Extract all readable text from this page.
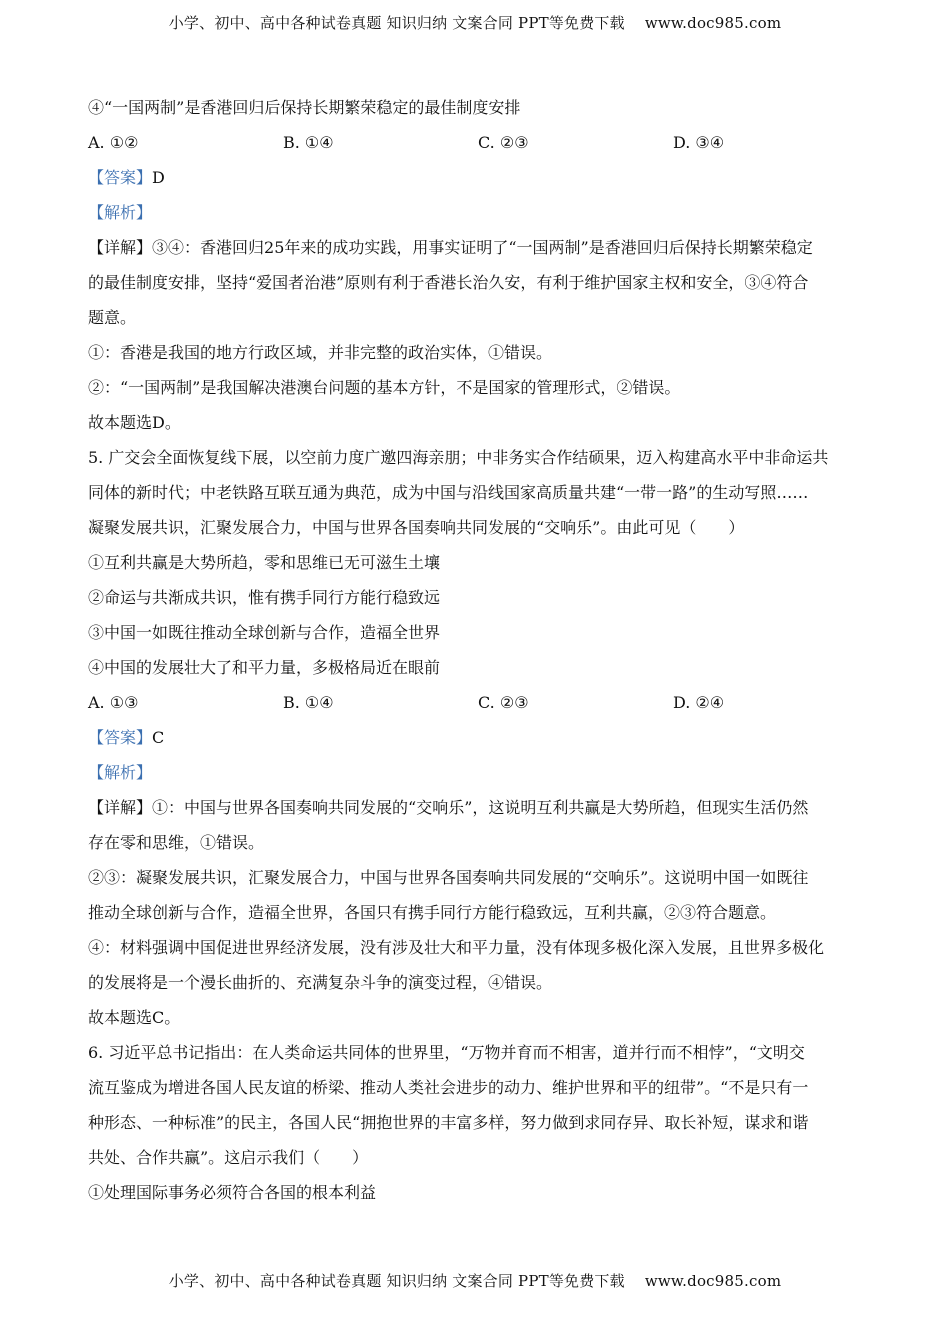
小学、初中、高中各种试卷真题 知识归纳 文案合同 PPT等免费下载 www.doc985.com
④“一国两制”是香港回归后保持长期繁荣稳定的最佳制度安排
A. ①②	B. ①④	C. ②③	D. ③④
【答案】D
【解析】
【详解】③④：香港回归25年来的成功实践，用事实证明了“一国两制”是香港回归后保持长期繁荣稳定
的最佳制度安排，坚持“爱国者治港”原则有利于香港长治久安，有利于维护国家主权和安全，③④符合
题意。
①：香港是我国的地方行政区域，并非完整的政治实体，①错误。
②：“一国两制”是我国解决港澳台问题的基本方针，不是国家的管理形式，②错误。
故本题选D。
5. 广交会全面恢复线下展，以空前力度广邀四海亲朋；中非务实合作结硕果，迈入构建高水平中非命运共
同体的新时代；中老铁路互联互通为典范，成为中国与沿线国家高质量共建“一带一路”的生动写照……
凝聚发展共识，汇聚发展合力，中国与世界各国奏响共同发展的“交响乐”。由此可见（　　）
①互利共赢是大势所趋，零和思维已无可滋生土壤
②命运与共渐成共识，惟有携手同行方能行稳致远
③中国一如既往推动全球创新与合作，造福全世界
④中国的发展壮大了和平力量，多极格局近在眼前
A. ①③	B. ①④	C. ②③	D. ②④
【答案】C
【解析】
【详解】①：中国与世界各国奏响共同发展的“交响乐”，这说明互利共赢是大势所趋，但现实生活仍然
存在零和思维，①错误。
②③：凝聚发展共识，汇聚发展合力，中国与世界各国奏响共同发展的“交响乐”。这说明中国一如既往
推动全球创新与合作，造福全世界，各国只有携手同行方能行稳致远，互利共赢，②③符合题意。
④：材料强调中国促进世界经济发展，没有涉及壮大和平力量，没有体现多极化深入发展，且世界多极化
的发展将是一个漫长曲折的、充满复杂斗争的演变过程，④错误。
故本题选C。
6. 习近平总书记指出：在人类命运共同体的世界里，“万物并育而不相害，道并行而不相悖”，“文明交
流互鉴成为增进各国人民友谊的桥梁、推动人类社会进步的动力、维护世界和平的纽带”。“不是只有一
种形态、一种标准”的民主，各国人民“拥抱世界的丰富多样，努力做到求同存异、取长补短，谋求和谐
共处、合作共赢”。这启示我们（　　）
①处理国际事务必须符合各国的根本利益
小学、初中、高中各种试卷真题 知识归纳 文案合同 PPT等免费下载 www.doc985.com
